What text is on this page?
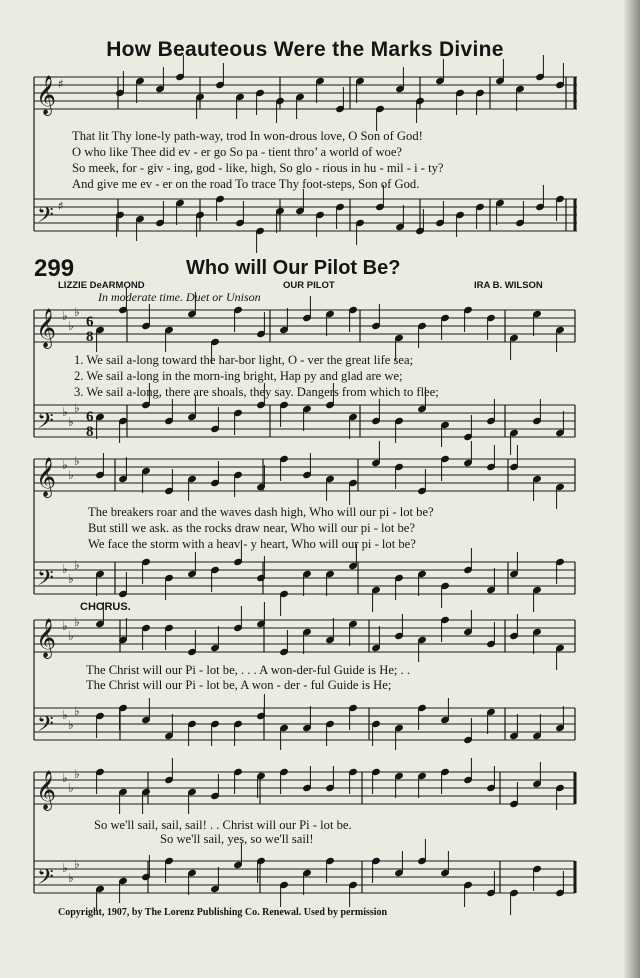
𝄞
𝄢
𝄞
𝄢
𝄞
𝄢
𝄞
𝄢
𝄞
𝄢
♯
♯
♭
♭
♭
♭
♭
♭
♭
♭
♭
♭
♭
♭
♭
♭
♭
♭
♭
♭
♭
♭
♭
♭
♭
♭
6
8
6
8
How Beauteous Were the Marks Divine
That lit Thy lone-ly path-way, trod In won-drous love, O Son of God!
O who like Thee did ev - er go So pa - tient thro’ a world of woe?
So meek, for - giv - ing, god - like, high, So glo - rious in hu - mil - i - ty?
And give me ev - er on the road To trace Thy foot-steps, Son of God.
299	Who will Our Pilot Be?
LIZZIE DeARMOND	OUR PILOT	IRA B. WILSON
In moderate time. Duet or Unison
1. We sail a-long toward the har-bor light, O - ver the great life sea;
2. We sail a-long in the morn-ing bright, Hap py and glad are we;
3. We sail a-long, there are shoals, they say. Dangers from which to flee;
The breakers roar and the waves dash high, Who will our pi - lot be?
But still we ask. as the rocks draw near, Who will our pi - lot be?
We face the storm with a heav - y heart, Who will our pi - lot be?
CHORUS.
The Christ will our Pi - lot be, . . . A won-der-ful Guide is He; . .
The Christ will our Pi - lot be, A won - der - ful Guide is He;
So we'll sail, sail, sail! . . Christ will our Pi - lot be.
So we'll sail, yes, so we'll sail!
Copyright, 1907, by The Lorenz Publishing Co. Renewal. Used by permission
